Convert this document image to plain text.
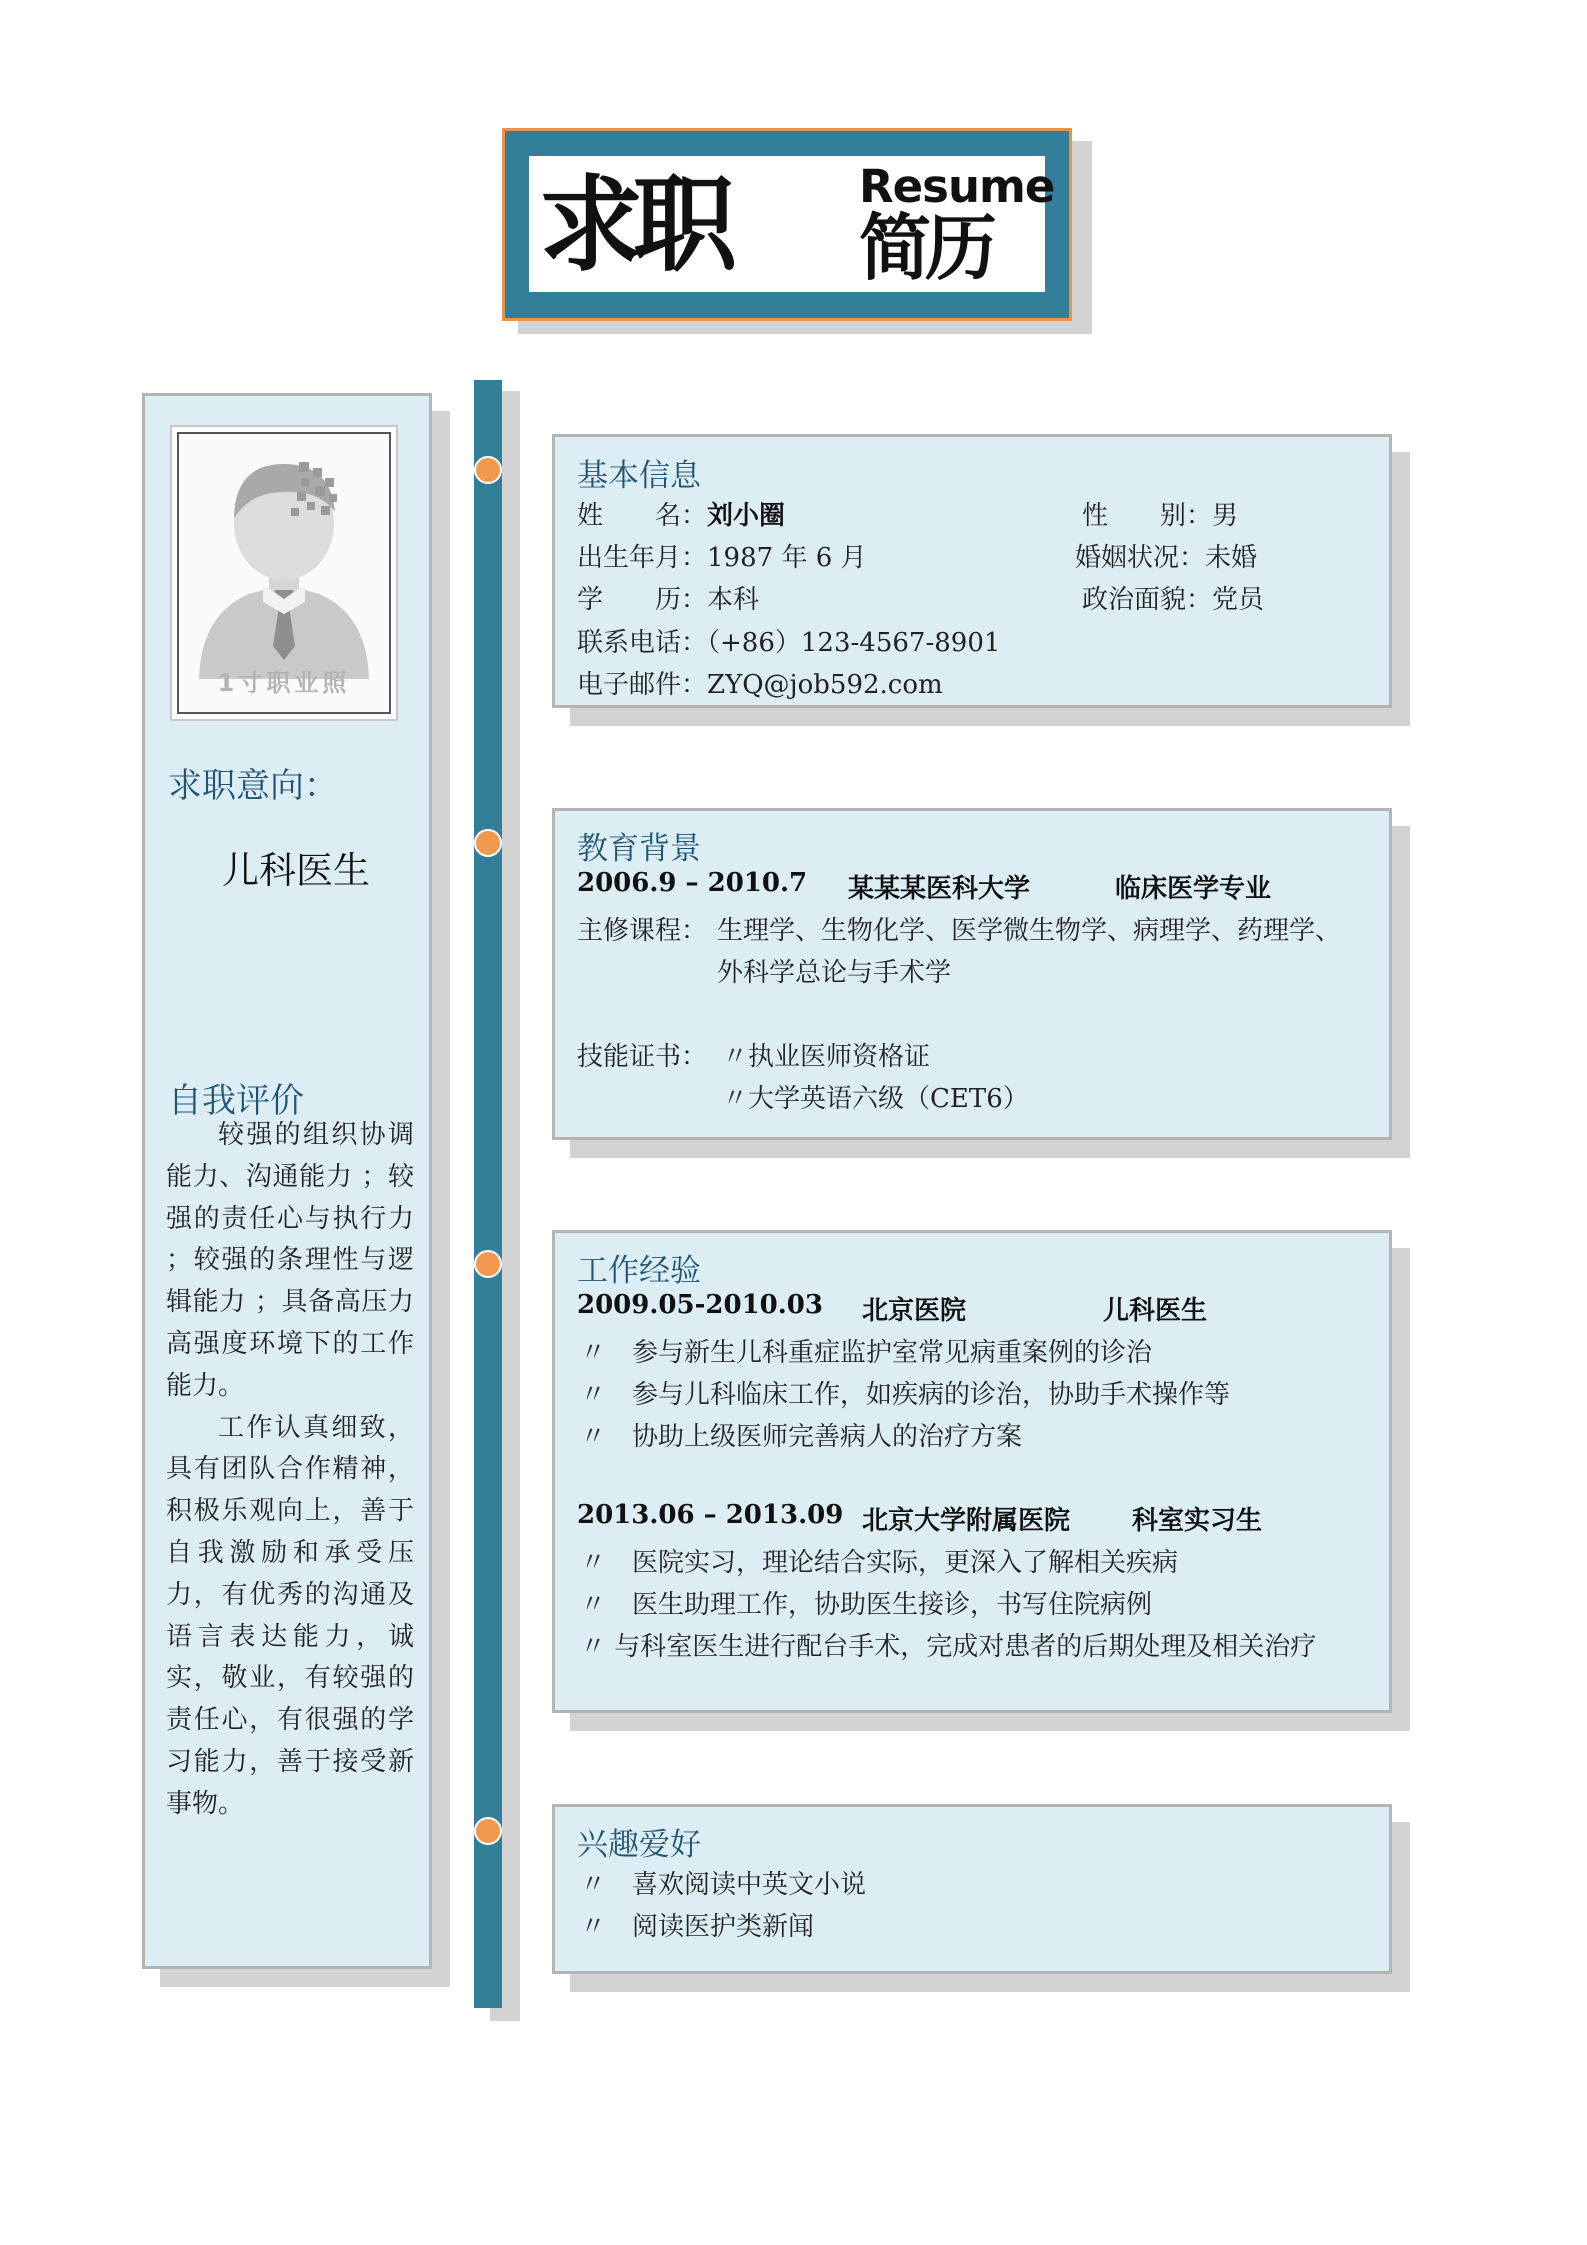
求职	Resume
简历
1寸职业照
求职意向：
儿科医生
自我评价

较强的组织协调能力、沟通能力 ；较强的责任心与执行力 ；较强的条理性与逻辑能力 ；具备高压力高强度环境下的工作能力。

工作认真细致，具有团队合作精神，积极乐观向上，善于自我激励和承受压力，有优秀的沟通及语言表达能力，诚实，敬业，有较强的责任心，有很强的学习能力，善于接受新事物。

基本信息
姓　　名：刘小圈	性　　别：男
出生年月：1987 年 6 月	婚姻状况：未婚
学　　历：本科	政治面貌：党员
联系电话：（+86）123-4567-8901
电子邮件：ZYQ@job592.com
教育背景
2006.9 – 2010.7 某某某医科大学	临床医学专业
主修课程： 生理学、生物化学、医学微生物学、病理学、药理学、
外科学总论与手术学
技能证书： 〃执业医师资格证
〃大学英语六级（CET6）
工作经验
2009.05-2010.03 北京医院	儿科医生
〃　 参与新生儿科重症监护室常见病重案例的诊治
〃　 参与儿科临床工作，如疾病的诊治，协助手术操作等
〃　 协助上级医师完善病人的治疗方案
2013.06 – 2013.09 北京大学附属医院 科室实习生
〃　 医院实习，理论结合实际，更深入了解相关疾病
〃　 医生助理工作，协助医生接诊，书写住院病例
〃 与科室医生进行配台手术，完成对患者的后期处理及相关治疗
兴趣爱好
〃　 喜欢阅读中英文小说
〃　 阅读医护类新闻
